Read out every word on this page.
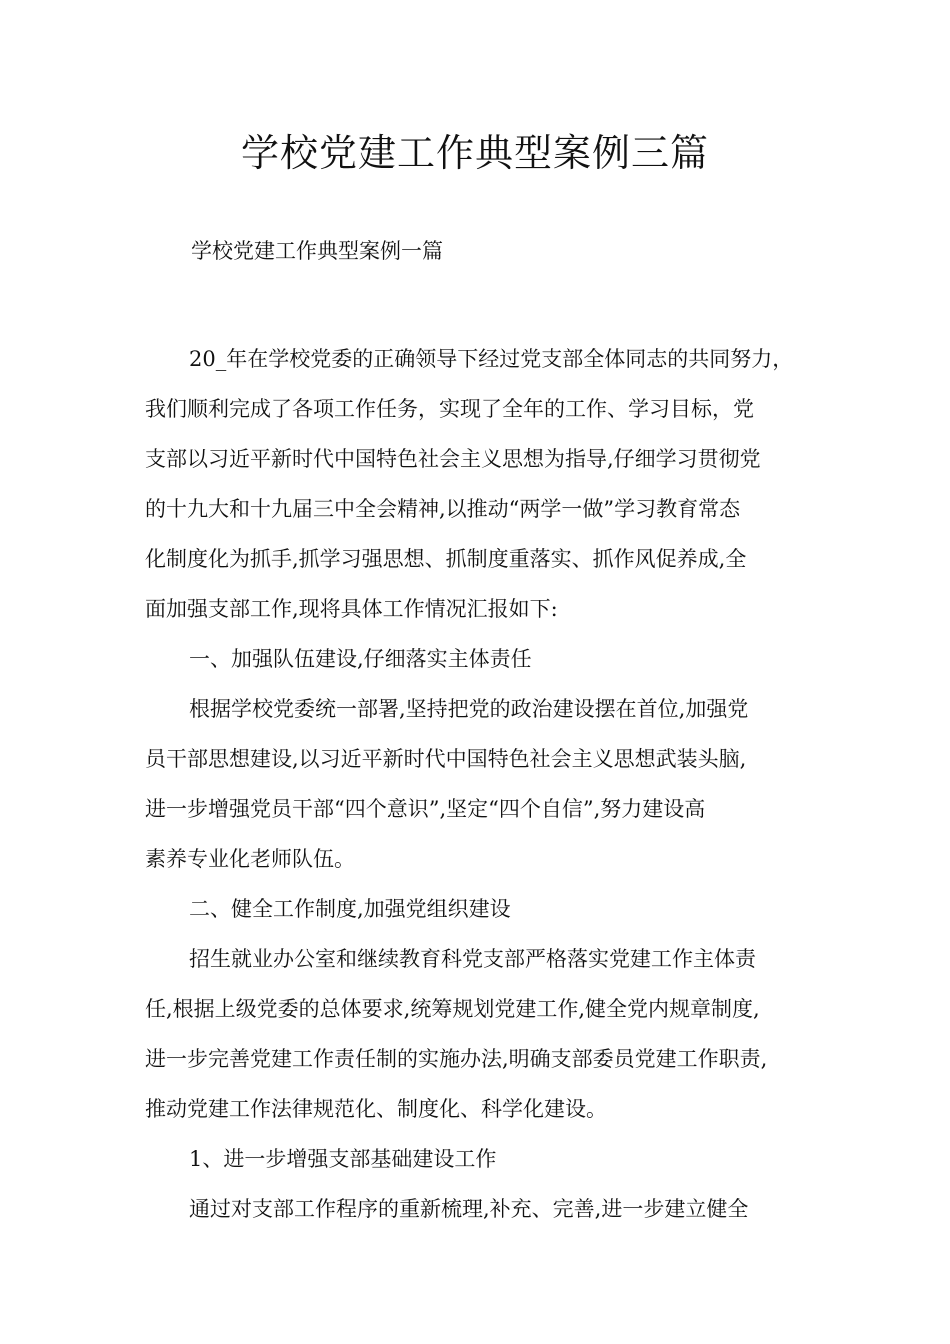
学校党建工作典型案例三篇

学校党建工作典型案例一篇

20_年在学校党委的正确领导下经过党支部全体同志的共同努力，
我们顺利完成了各项工作任务，实现了全年的工作、学习目标，党
支部以习近平新时代中国特色社会主义思想为指导,仔细学习贯彻党
的十九大和十九届三中全会精神,以推动“两学一做”学习教育常态
化制度化为抓手,抓学习强思想、抓制度重落实、抓作风促养成,全
面加强支部工作,现将具体工作情况汇报如下:
一、加强队伍建设,仔细落实主体责任
根据学校党委统一部署,坚持把党的政治建设摆在首位,加强党
员干部思想建设,以习近平新时代中国特色社会主义思想武装头脑,
进一步增强党员干部“四个意识”,坚定“四个自信”,努力建设高
素养专业化老师队伍。
二、健全工作制度,加强党组织建设
招生就业办公室和继续教育科党支部严格落实党建工作主体责
任,根据上级党委的总体要求,统筹规划党建工作,健全党内规章制度,
进一步完善党建工作责任制的实施办法,明确支部委员党建工作职责,
推动党建工作法律规范化、制度化、科学化建设。
1、进一步增强支部基础建设工作
通过对支部工作程序的重新梳理,补充、完善,进一步建立健全
